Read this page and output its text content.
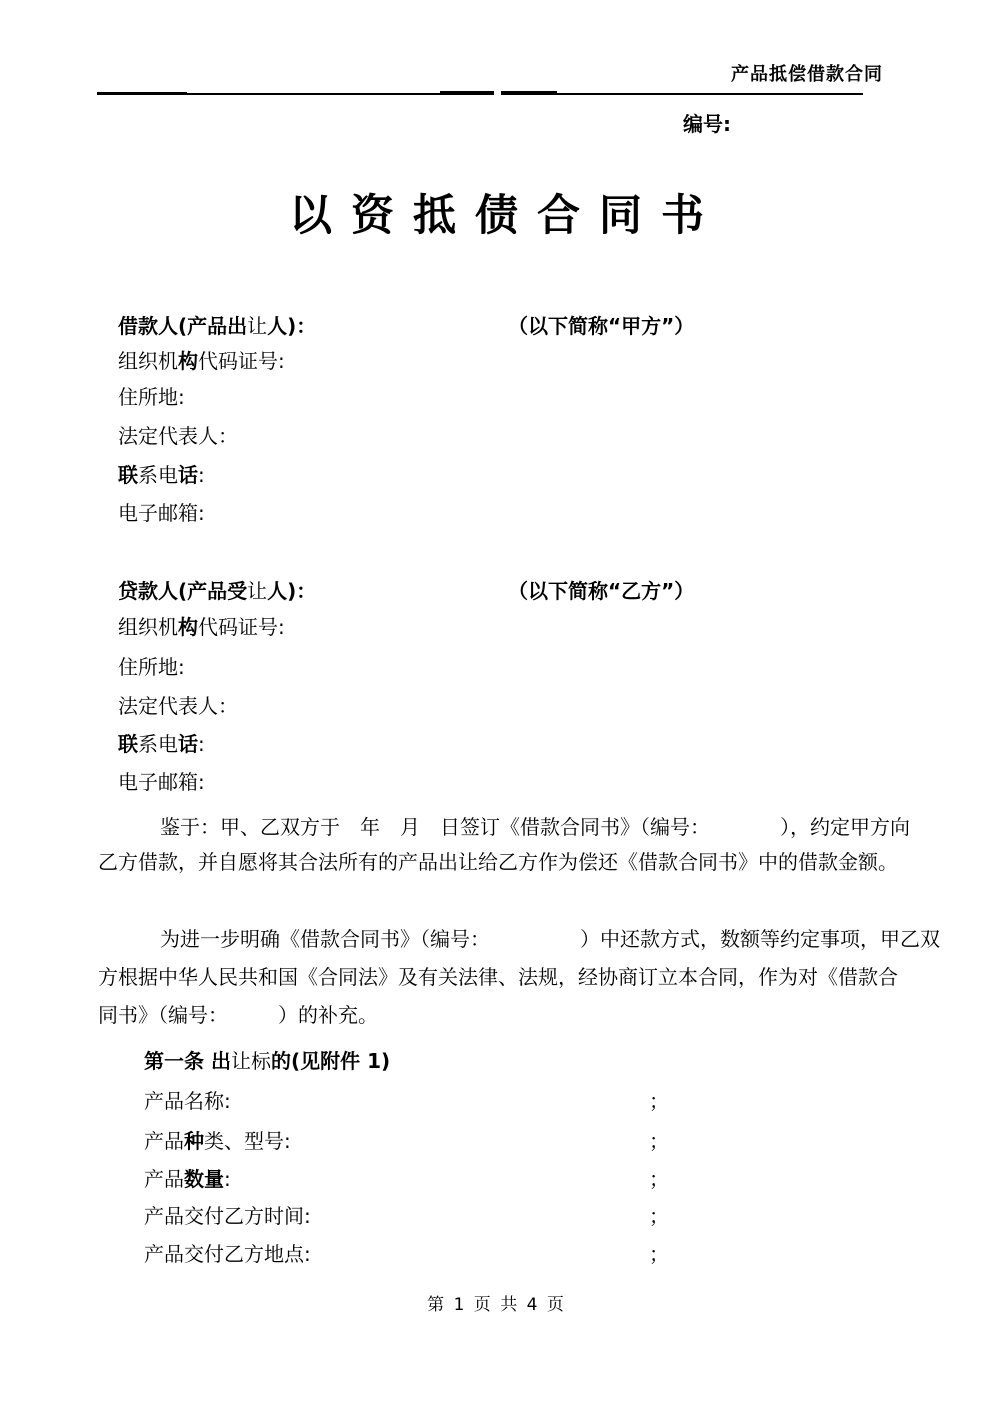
产品抵偿借款合同
编号:
以资抵债合同书
借款人(产品出让人)：	（以下简称“甲方”）
组织机构代码证号:
住所地:
法定代表人：
联系电话:
电子邮箱:
贷款人(产品受让人)：	（以下简称“乙方”）
组织机构代码证号:
住所地:
法定代表人：
联系电话:
电子邮箱:
鉴于：甲、乙双方于　年　月　日签订《借款合同书》（编号：　　　　），约定甲方向
乙方借款，并自愿将其合法所有的产品出让给乙方作为偿还《借款合同书》中的借款金额。
为进一步明确《借款合同书》（编号：　　　　　）中还款方式，数额等约定事项，甲乙双
方根据中华人民共和国《合同法》及有关法律、法规，经协商订立本合同，作为对《借款合
同书》（编号：　　　）的补充。
第一条 出让标的(见附件 1)
产品名称:	；
产品种类、型号:	；
产品数量:	；
产品交付乙方时间:	；
产品交付乙方地点:	；
第 1 页 共 4 页
